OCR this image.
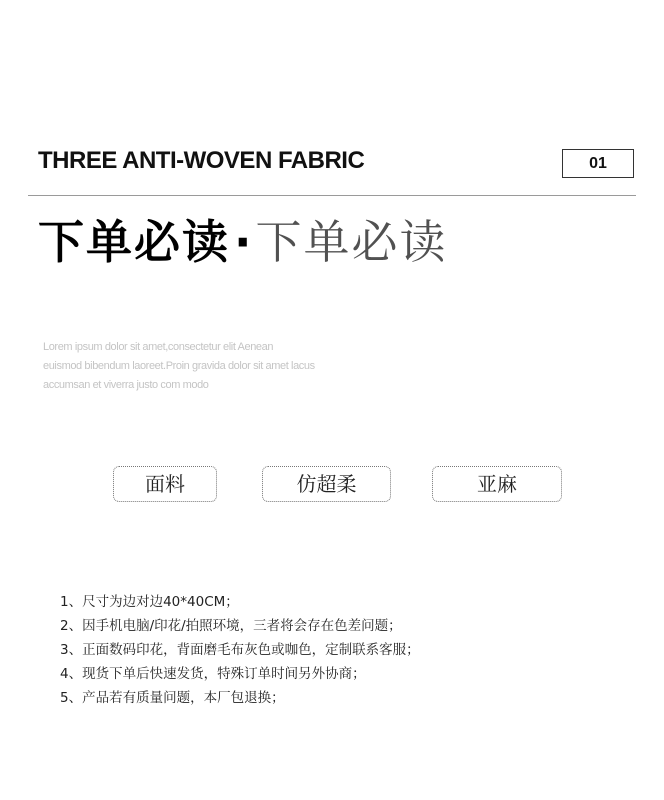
THREE ANTI-WOVEN FABRIC	01
下单必读·下单必读
Lorem ipsum dolor sit amet,consectetur elit Aenean
euismod bibendum laoreet.Proin gravida dolor sit amet lacus
accumsan et viverra justo com modo
面料	仿超柔	亚麻
1、尺寸为边对边40*40CM；
2、因手机电脑/印花/拍照环境，三者将会存在色差问题；
3、正面数码印花，背面磨毛布灰色或咖色，定制联系客服；
4、现货下单后快速发货，特殊订单时间另外协商；
5、产品若有质量问题，本厂包退换；
